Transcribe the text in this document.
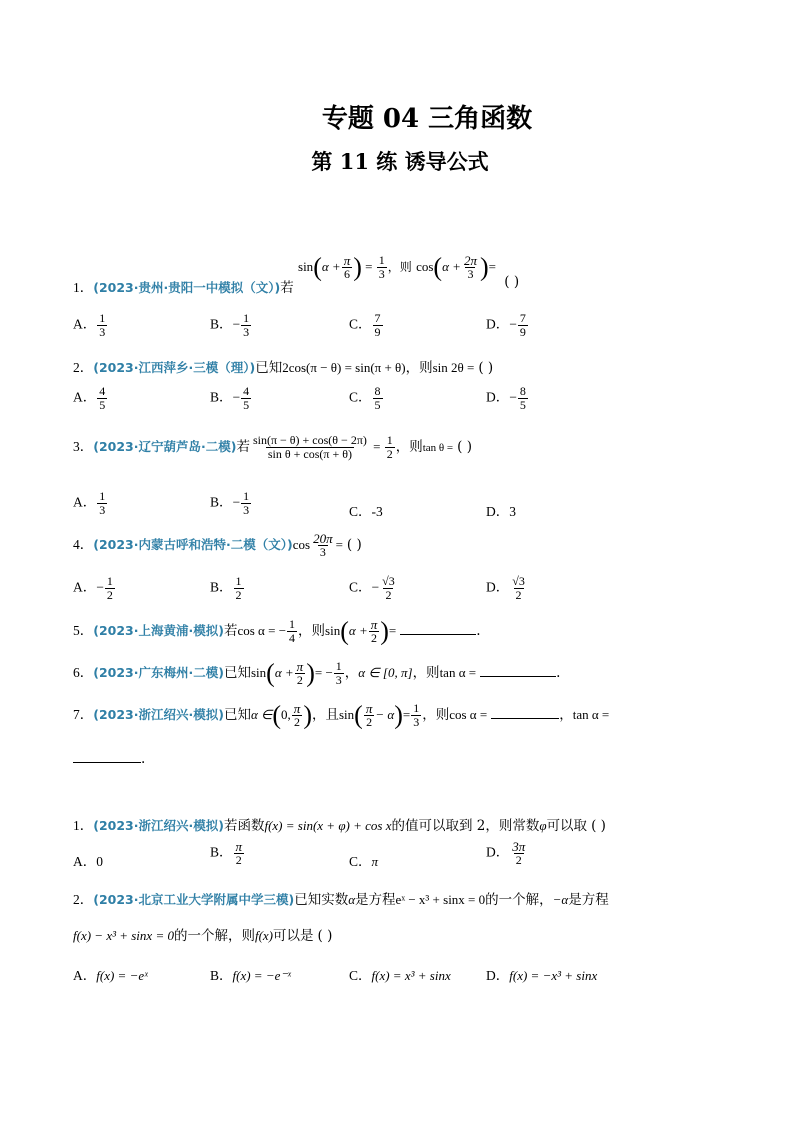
专题 04 三角函数
第 11 练 诱导公式
1．(2023·贵州·贵阳一中模拟（文）)若 $\sin(\alpha + \frac{\pi}{6}$ ) = $\frac{1}{3}$ ，则 $\cos(\alpha + \frac{2\pi}{3}$ )= ( )
A． $\frac{1}{3}$	B．− $\frac{1}{3}$	C． $\frac{7}{9}$	D．− $\frac{7}{9}$
2．(2023·江西萍乡·三模（理）)已知2cos(π − θ) = sin(π + θ)，则sin 2θ = ( )
A． $\frac{4}{5}$	B．− $\frac{4}{5}$	C． $\frac{8}{5}$	D．− $\frac{8}{5}$
3．(2023·辽宁葫芦岛·二模)若 $\frac{\sin(\pi - \theta) + \cos(\theta - 2\pi)}{\text{sin θ + cos(π + θ)}} = \frac{1}{2}$ ，则tan θ = ( )
A． $\frac{1}{3}$	B．− $\frac{1}{3}$	C．-3	D．3
4．(2023·内蒙古呼和浩特·二模（文）)$\cos \frac{20\pi}{3}$ = ( )
A．− $\frac{1}{2}$	B． $\frac{1}{2}$	C．− $\frac{√3}{2}$	D． $\frac{√3}{2}$
5．(2023·上海黄浦·模拟)若cos α = − $\frac{1}{4}$ ，则$\sin(\alpha + \frac{\pi}{2}$ )=	.
6．(2023·广东梅州·二模)已知$\sin(\alpha + \frac{\pi}{2}$ )= − $\frac{1}{3}$ ，α ∈ [0, π]，则tan α =	.
7．(2023·浙江绍兴·模拟)已知α ∈(0, $\frac{\pi}{2}$ )，且$\sin( \frac{\pi}{2} - \alpha)= \frac{1}{3}$ ，则cos α =	，tan α =
.
1．(2023·浙江绍兴·模拟)若函数f(x) = sin(x + φ) + cos x的值可以取到 2，则常数φ可以取 ( )
A．0
B． $\frac{\pi}{2}$	C．π
D． $\frac{3\pi}{2}$
2．(2023·北京工业大学附属中学三模)已知实数α是方程eˣ − x³ + sinx = 0的一个解，−α是方程
f(x) − x³ + sinx = 0的一个解，则f(x)可以是 ( )
A．f(x) = −eˣ	B．f(x) = −e⁻ˣ	C．f(x) = x³ + sinx	D．f(x) = −x³ + sinx
